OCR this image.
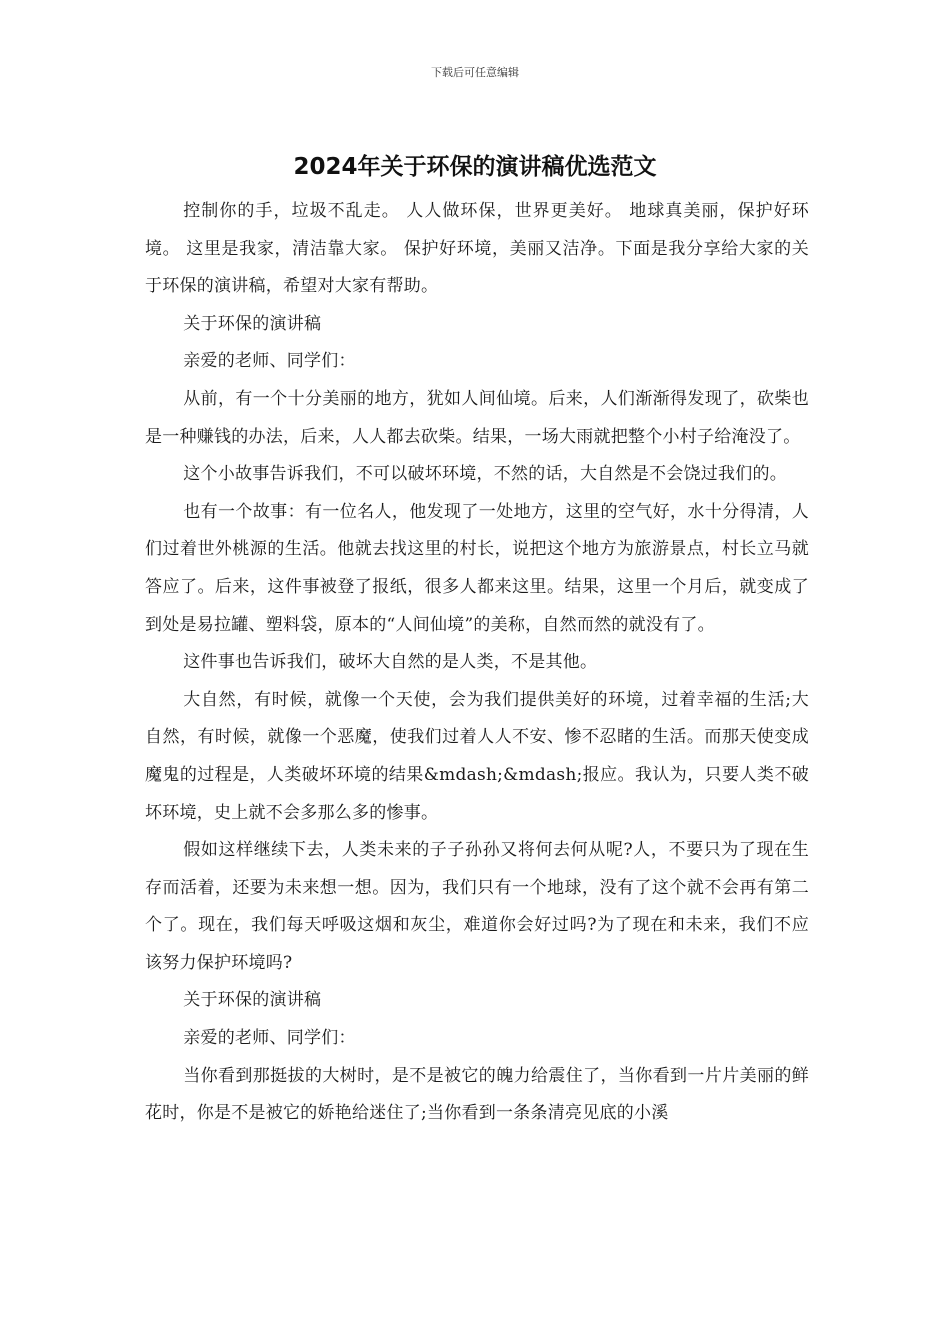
下载后可任意编辑
2024年关于环保的演讲稿优选范文

控制你的手，垃圾不乱走。 人人做环保，世界更美好。 地球真美丽，保护好环境。 这里是我家，清洁靠大家。 保护好环境，美丽又洁净。下面是我分享给大家的关于环保的演讲稿，希望对大家有帮助。

关于环保的演讲稿

亲爱的老师、同学们：

从前，有一个十分美丽的地方，犹如人间仙境。后来，人们渐渐得发现了，砍柴也是一种赚钱的办法，后来，人人都去砍柴。结果，一场大雨就把整个小村子给淹没了。

这个小故事告诉我们，不可以破坏环境，不然的话，大自然是不会饶过我们的。

也有一个故事：有一位名人，他发现了一处地方，这里的空气好，水十分得清，人们过着世外桃源的生活。他就去找这里的村长，说把这个地方为旅游景点，村长立马就答应了。后来，这件事被登了报纸，很多人都来这里。结果，这里一个月后，就变成了到处是易拉罐、塑料袋，原本的“人间仙境”的美称，自然而然的就没有了。

这件事也告诉我们，破坏大自然的是人类，不是其他。

大自然，有时候，就像一个天使，会为我们提供美好的环境，过着幸福的生活;大自然，有时候，就像一个恶魔，使我们过着人人不安、惨不忍睹的生活。而那天使变成魔鬼的过程是，人类破坏环境的结果&mdash;&mdash;报应。我认为，只要人类不破坏环境，史上就不会多那么多的惨事。

假如这样继续下去，人类未来的子子孙孙又将何去何从呢?人，不要只为了现在生存而活着，还要为未来想一想。因为，我们只有一个地球，没有了这个就不会再有第二个了。现在，我们每天呼吸这烟和灰尘，难道你会好过吗?为了现在和未来，我们不应该努力保护环境吗?

关于环保的演讲稿

亲爱的老师、同学们：

当你看到那挺拔的大树时，是不是被它的魄力给震住了，当你看到一片片美丽的鲜花时，你是不是被它的娇艳给迷住了;当你看到一条条清亮见底的小溪
